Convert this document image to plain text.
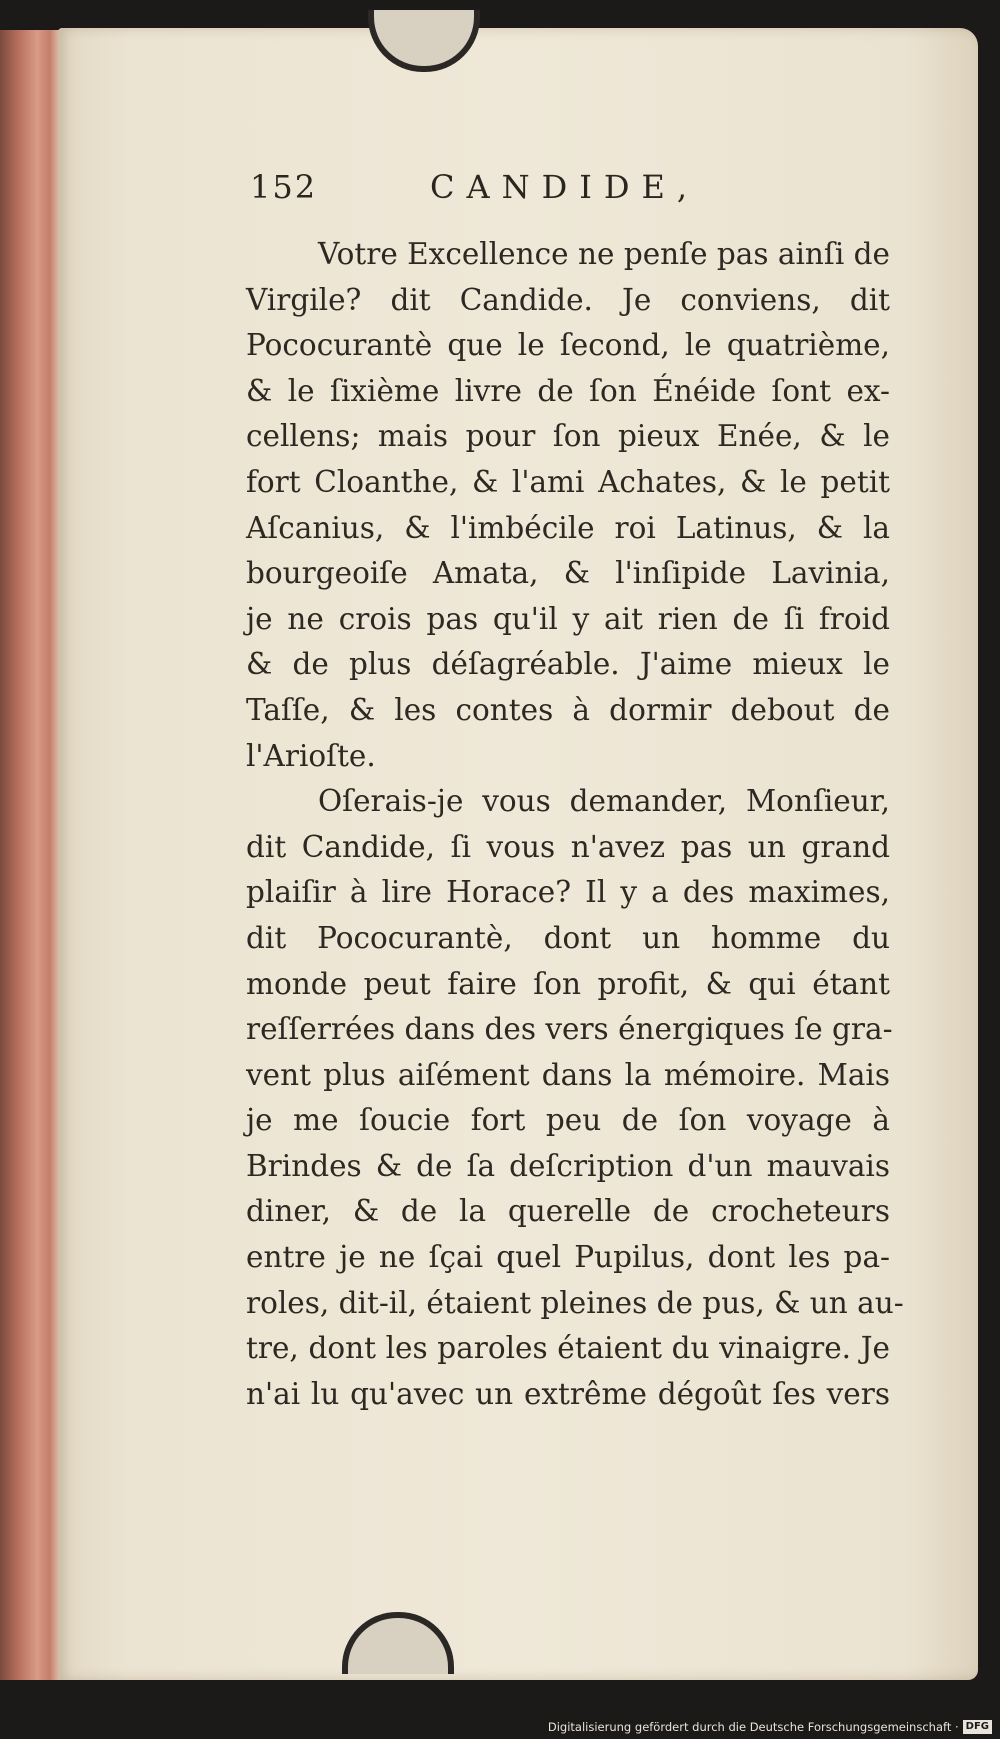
152	CANDIDE,
Votre Excellence ne penſe pas ainſi de
Virgile? dit Candide. Je conviens, dit
Pococurantè que le ſecond, le quatrième,
& le ſixième livre de ſon Énéide ſont ex-
cellens; mais pour ſon pieux Enée, & le
fort Cloanthe, & l'ami Achates, & le petit
Aſcanius, & l'imbécile roi Latinus, & la
bourgeoiſe Amata, & l'inſipide Lavinia,
je ne crois pas qu'il y ait rien de ſi froid
& de plus déſagréable. J'aime mieux le
Taſſe, & les contes à dormir debout de
l'Arioſte.
Oſerais-je vous demander, Monſieur,
dit Candide, ſi vous n'avez pas un grand
plaiſir à lire Horace? Il y a des maximes,
dit Pococurantè, dont un homme du
monde peut faire ſon profit, & qui étant
reſſerrées dans des vers énergiques ſe gra-
vent plus aiſément dans la mémoire. Mais
je me ſoucie fort peu de ſon voyage à
Brindes & de ſa deſcription d'un mauvais
diner, & de la querelle de crocheteurs
entre je ne ſçai quel Pupilus, dont les pa-
roles, dit-il, étaient pleines de pus, & un au-
tre, dont les paroles étaient du vinaigre. Je
n'ai lu qu'avec un extrême dégoût ſes vers
Digitalisierung gefördert durch die Deutsche Forschungsgemeinschaft · DFG
